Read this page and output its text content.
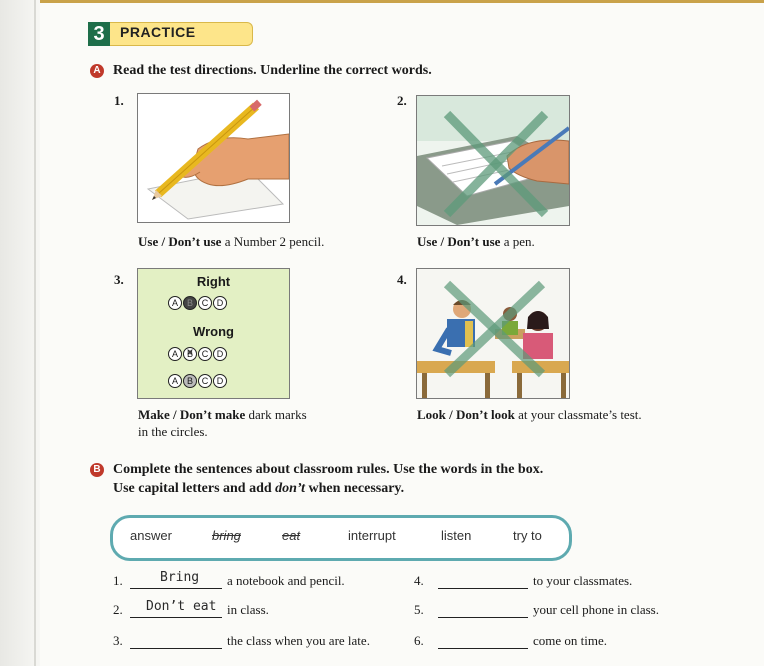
3	PRACTICE
A Read the test directions. Underline the correct words.
1.
Use / Don’t use a Number 2 pencil.
2.
Use / Don’t use a pen.
3.	Right
A B C D
Wrong
A B × C D
A B C D
Make / Don’t make dark marks
in the circles.
4.
Look / Don’t look at your classmate’s test.
B Complete the sentences about classroom rules. Use the words in the box.
Use capital letters and add don’t when necessary.
answer	bring	eat	interrupt	listen	try to
1.	Bring a notebook and pencil.
2. Don’t eat in class.
3.	the class when you are late.
4.	to your classmates.
5.	your cell phone in class.
6.	come on time.
